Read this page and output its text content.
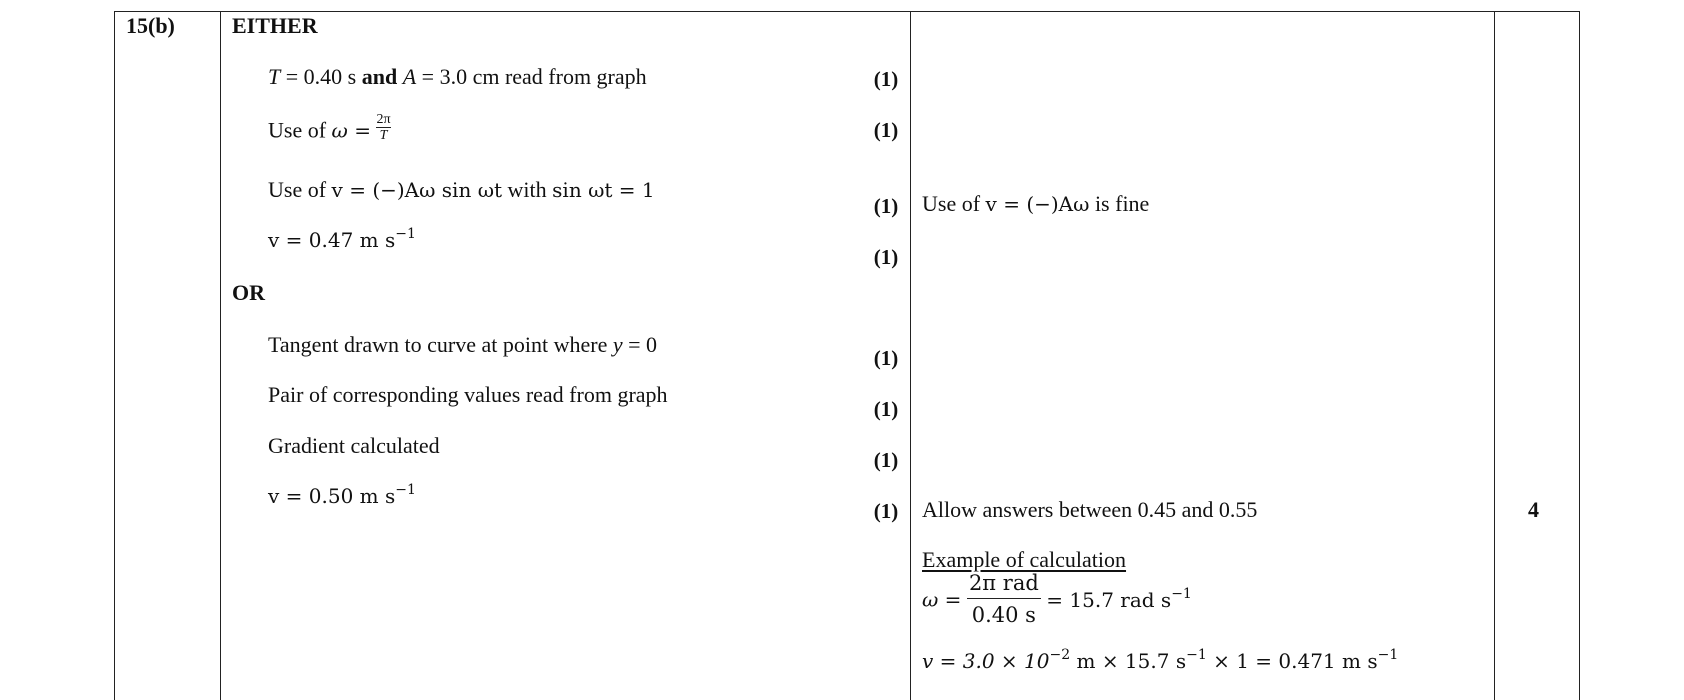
15(b)	EITHER
T = 0.40 s and A = 3.0 cm read from graph
Use of $\omega = \frac{2\pi}{T}$
Use of v = (−)Aω sin ωt with sin ωt = 1
v = 0.47 m $s^{-1}$
OR
Tangent drawn to curve at point where y = 0
Pair of corresponding values read from graph
Gradient calculated
v = 0.50 m $s^{-1}$
(1)
(1)
(1)
(1)
(1)
(1)
(1)
(1)
Use of v = (−)Aω is fine
Allow answers between 0.45 and 0.55
Example of calculation
$\omega = \frac{\text{2π rad}}{0.40 s} = 15.7$ rad $s^{-1}$
$v = 3.0 \times 10^{-2}$ m × 15.7 $s^{-1} \times 1 = 0.471$ m $s^{-1}$
4
